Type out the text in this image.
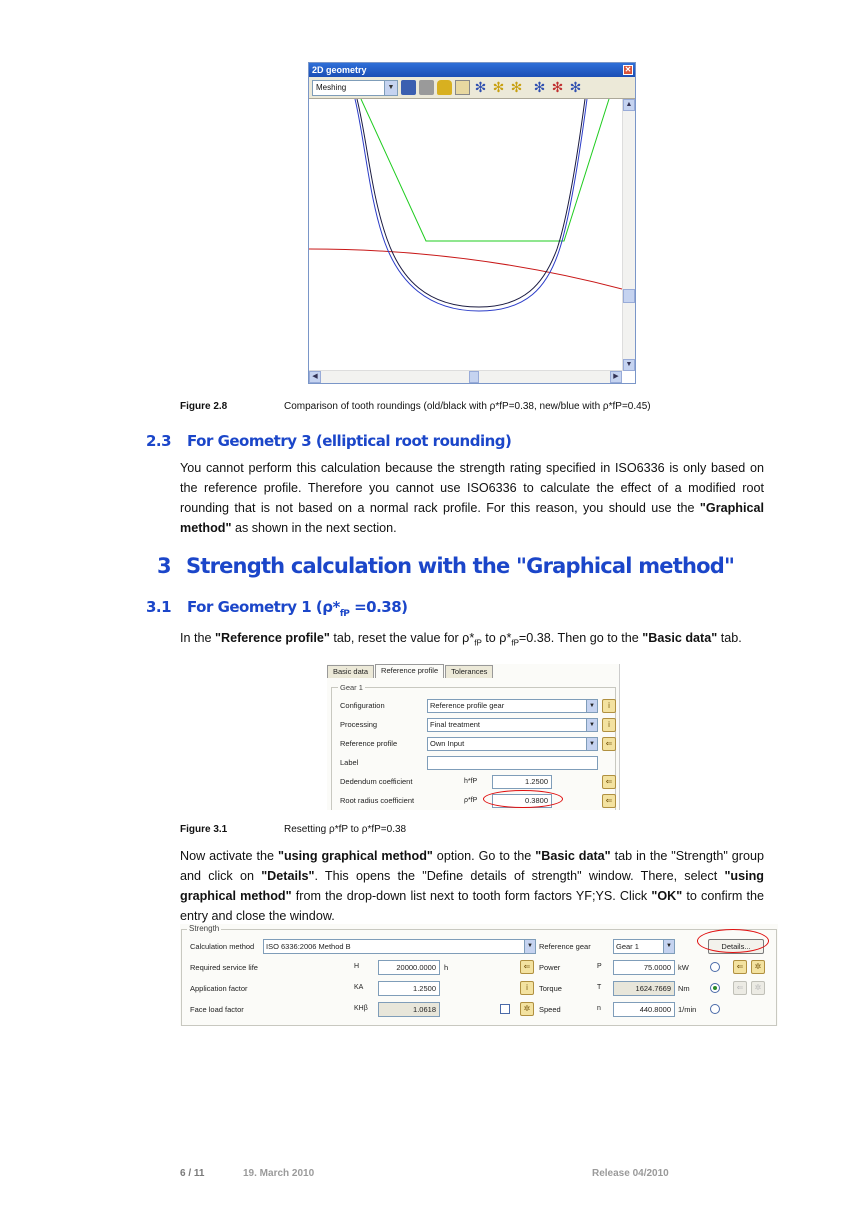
2D geometry	✕
Meshing	▼	✻ ✻ ✻ ✻ ✻ ✻
▲
▼
◀	▶
Figure 2.8	Comparison of tooth roundings (old/black with ρ*fP=0.38, new/blue with ρ*fP=0.45)
2.3 For Geometry 3 (elliptical root rounding)

You cannot perform this calculation because the strength rating specified in ISO6336 is only based on the reference profile. Therefore you cannot use ISO6336 to calculate the effect of a modified root rounding that is not based on a normal rack profile. For this reason, you should use the "Graphical method" as shown in the next section.

3 Strength calculation with the "Graphical method"
3.1 For Geometry 1 $(\rho*_{fP} =0.38)$

In the "Reference profile" tab, reset the value for $\rho*_{fP}$ to $\rho*_{fP}=0.38$. Then go to the "Basic data" tab.

Basic data	Reference profile	Tolerances
Gear 1
Configuration	Reference profile gear	▼	i
Processing	Final treatment	▼	i
Reference profile	Own Input	▼	⇐
Label
Dedendum coefficient	h*fP	1.2500	⇐
Root radius coefficient	ρ*fP	0.3800	⇐
Figure 3.1	Resetting ρ*fP to ρ*fP=0.38

Now activate the "using graphical method" option. Go to the "Basic data" tab in the "Strength" group and click on "Details". This opens the "Define details of strength" window. There, select "using graphical method" from the drop-down list next to tooth form factors YF;YS. Click "OK" to confirm the entry and close the window.

Strength
Calculation method	ISO 6336:2006 Method B	▼ Reference gear	Gear 1	▼	Details...
Required service life	H	20000.0000	h	⇐	Power	P	75.0000 kW	⇐	✲
Application factor	KA	1.2500	i	Torque	T	1624.7669 Nm	⇐	✲
Face load factor	KHβ	1.0618	✲	Speed	n	440.8000 1/min
6 / 11	19. March 2010	Release 04/2010
